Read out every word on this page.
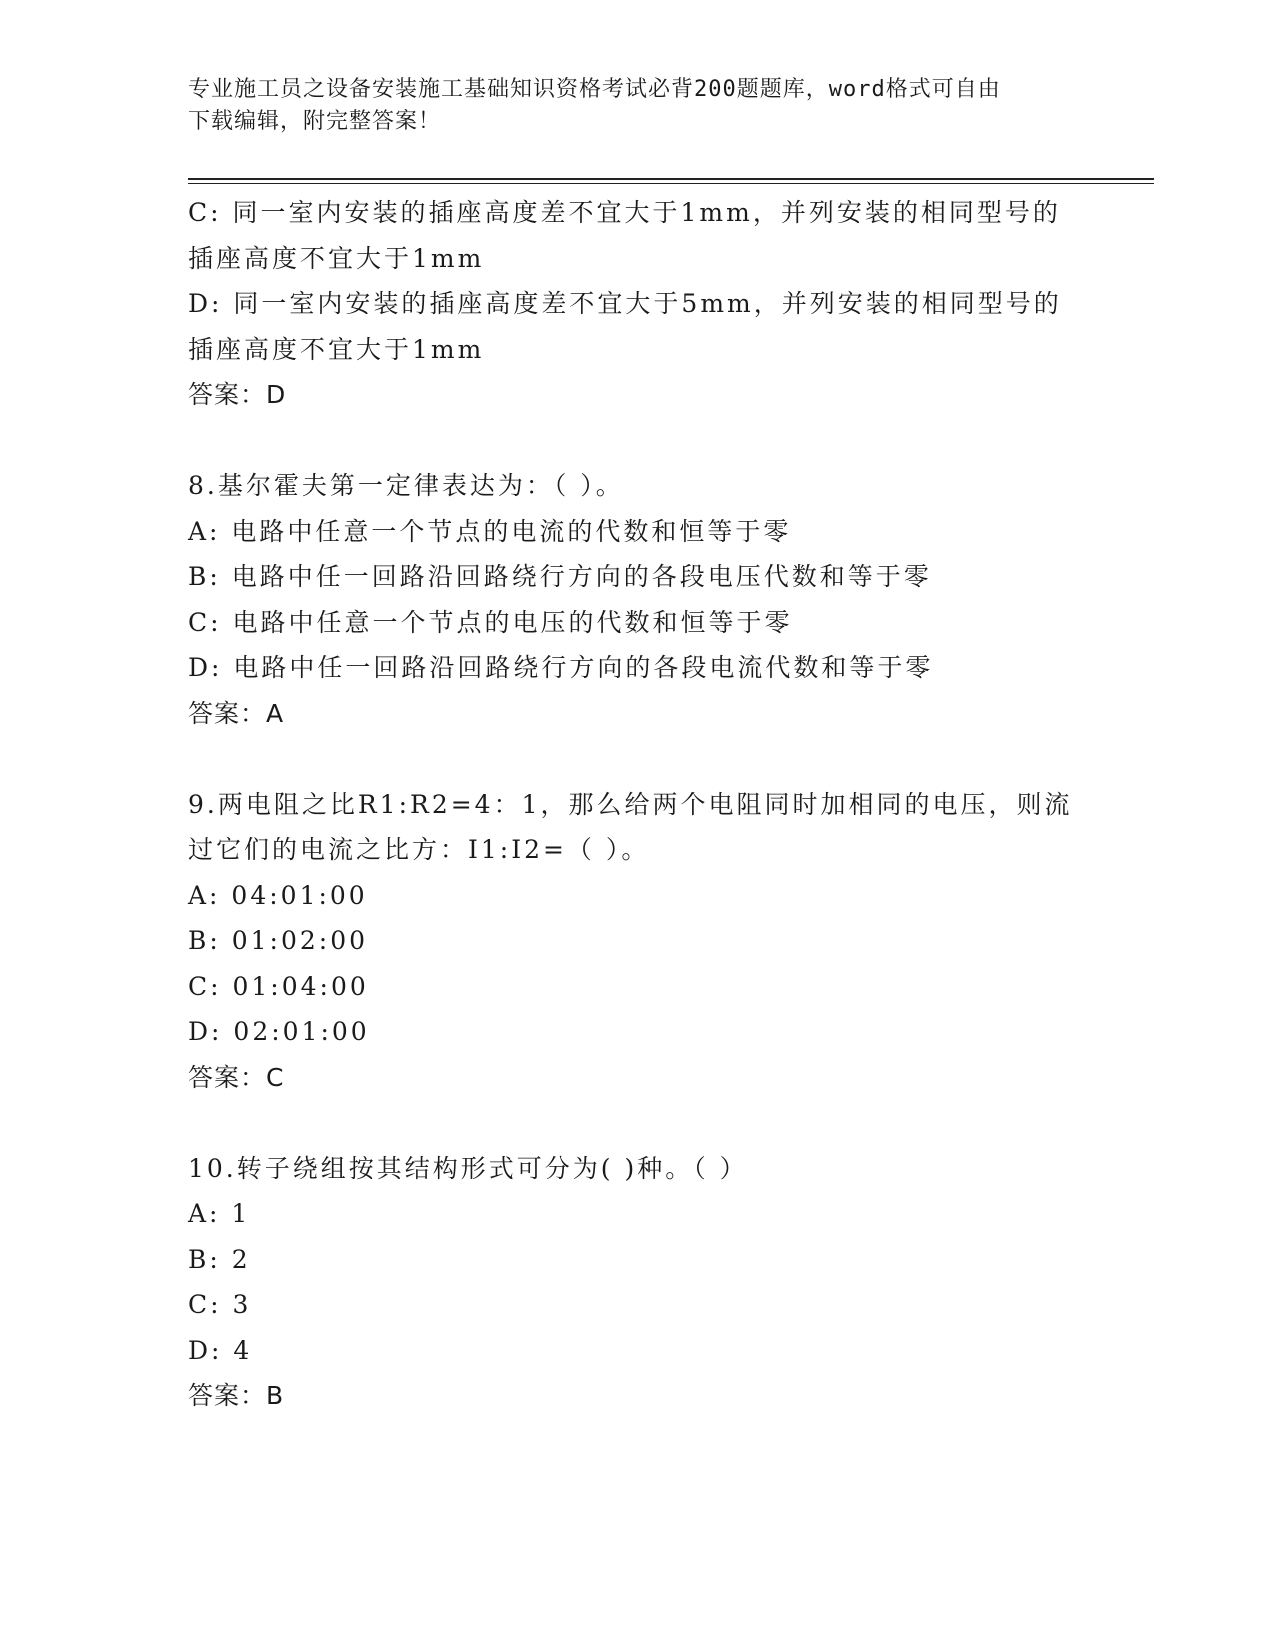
专业施工员之设备安装施工基础知识资格考试必背200题题库，word格式可自由
下载编辑，附完整答案！
C: 同一室内安装的插座高度差不宜大于1mm，并列安装的相同型号的
插座高度不宜大于1mm
D: 同一室内安装的插座高度差不宜大于5mm，并列安装的相同型号的
插座高度不宜大于1mm
答案：D
8.基尔霍夫第一定律表达为：（ ）。
A: 电路中任意一个节点的电流的代数和恒等于零
B: 电路中任一回路沿回路绕行方向的各段电压代数和等于零
C: 电路中任意一个节点的电压的代数和恒等于零
D: 电路中任一回路沿回路绕行方向的各段电流代数和等于零
答案：A
9.两电阻之比R1:R2=4：1，那么给两个电阻同时加相同的电压，则流
过它们的电流之比方：I1:I2=（ ）。
A: 04:01:00
B: 01:02:00
C: 01:04:00
D: 02:01:00
答案：C
10.转子绕组按其结构形式可分为( )种。（ ）
A: 1
B: 2
C: 3
D: 4
答案：B
